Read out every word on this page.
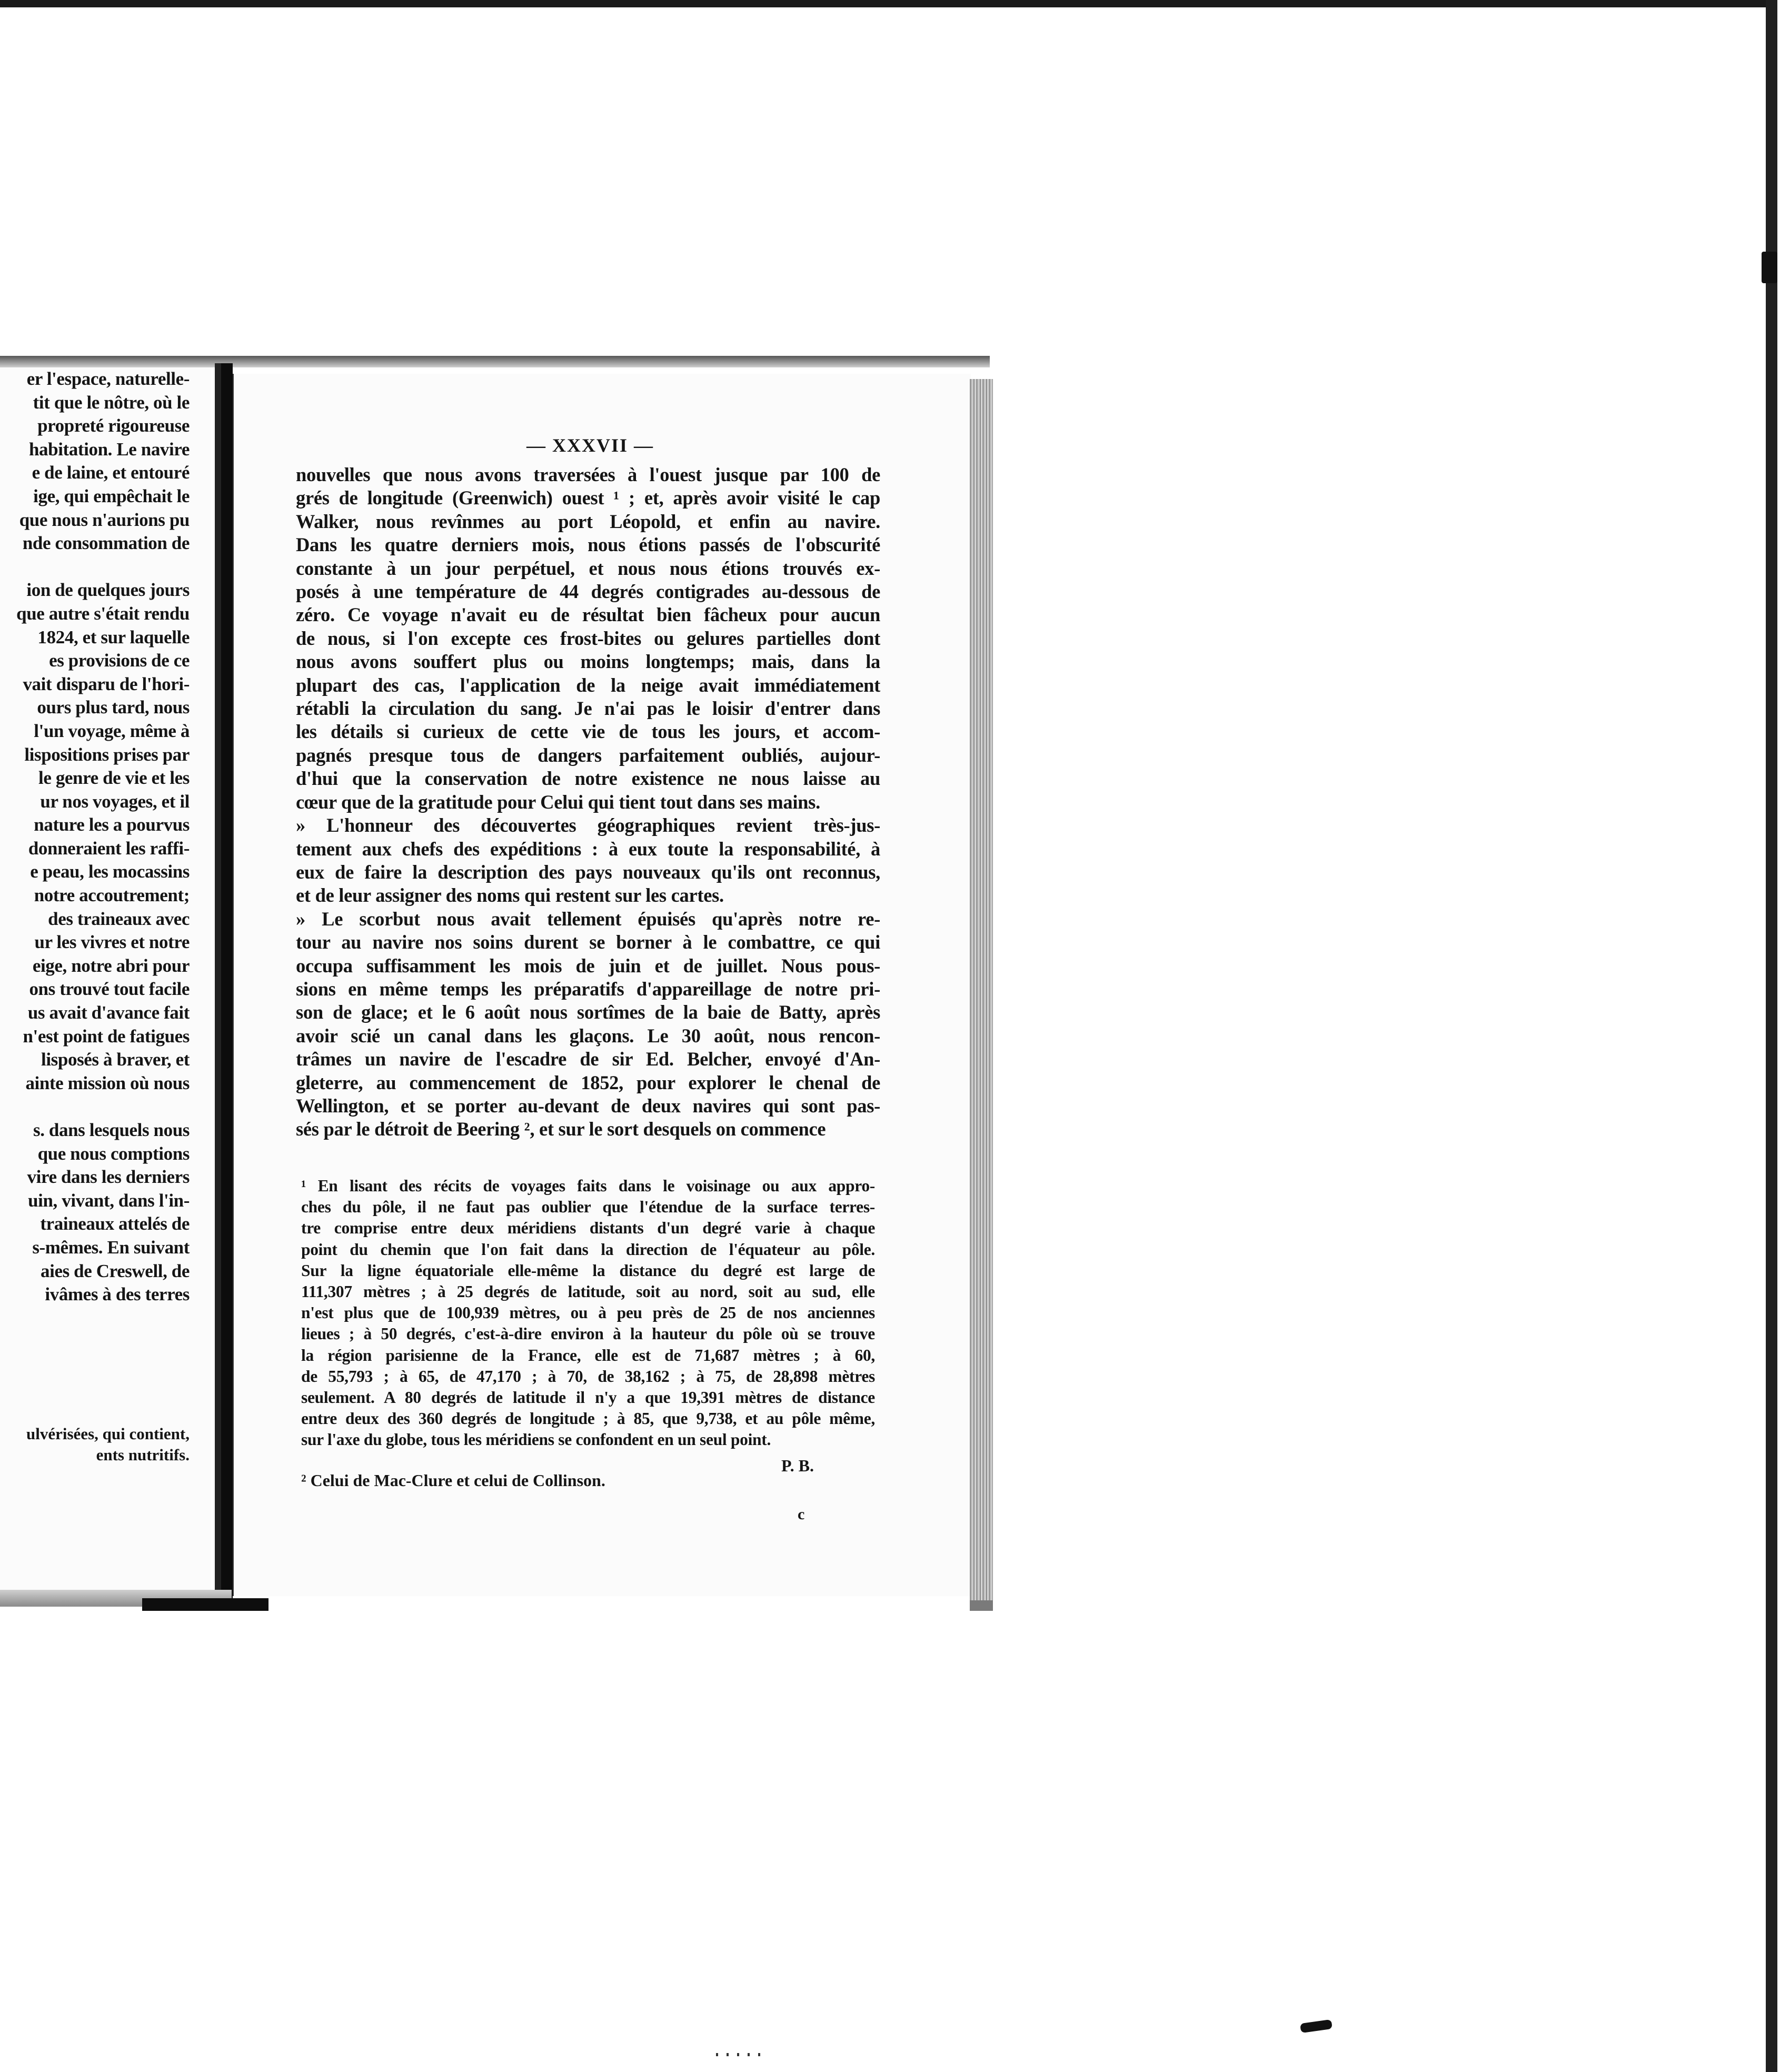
er l'espace, naturelle-
tit que le nôtre, où le
propreté rigoureuse
habitation. Le navire
e de laine, et entouré
ige, qui empêchait le
que nous n'aurions pu
nde consommation de
ion de quelques jours
que autre s'était rendu
1824, et sur laquelle
es provisions de ce
vait disparu de l'hori-
ours plus tard, nous
l'un voyage, même à
lispositions prises par
le genre de vie et les
ur nos voyages, et il
nature les a pourvus
donneraient les raffi-
e peau, les mocassins
notre accoutrement;
des traineaux avec
ur les vivres et notre
eige, notre abri pour
ons trouvé tout facile
us avait d'avance fait
n'est point de fatigues
lisposés à braver, et
ainte mission où nous
s. dans lesquels nous
que nous comptions
vire dans les derniers
uin, vivant, dans l'in-
traineaux attelés de
s-mêmes. En suivant
aies de Creswell, de
ivâmes à des terres
ulvérisées, qui contient,
ents nutritifs.
— XXXVII —
nouvelles que nous avons traversées à l'ouest jusque par 100 de
grés de longitude (Greenwich) ouest ¹ ; et, après avoir visité le cap
Walker, nous revînmes au port Léopold, et enfin au navire.
Dans les quatre derniers mois, nous étions passés de l'obscurité
constante à un jour perpétuel, et nous nous étions trouvés ex-
posés à une température de 44 degrés contigrades au-dessous de
zéro. Ce voyage n'avait eu de résultat bien fâcheux pour aucun
de nous, si l'on excepte ces frost-bites ou gelures partielles dont
nous avons souffert plus ou moins longtemps; mais, dans la
plupart des cas, l'application de la neige avait immédiatement
rétabli la circulation du sang. Je n'ai pas le loisir d'entrer dans
les détails si curieux de cette vie de tous les jours, et accom-
pagnés presque tous de dangers parfaitement oubliés, aujour-
d'hui que la conservation de notre existence ne nous laisse au
cœur que de la gratitude pour Celui qui tient tout dans ses mains.
» L'honneur des découvertes géographiques revient très-jus-
tement aux chefs des expéditions : à eux toute la responsabilité, à
eux de faire la description des pays nouveaux qu'ils ont reconnus,
et de leur assigner des noms qui restent sur les cartes.
» Le scorbut nous avait tellement épuisés qu'après notre re-
tour au navire nos soins durent se borner à le combattre, ce qui
occupa suffisamment les mois de juin et de juillet. Nous pous-
sions en même temps les préparatifs d'appareillage de notre pri-
son de glace; et le 6 août nous sortîmes de la baie de Batty, après
avoir scié un canal dans les glaçons. Le 30 août, nous rencon-
trâmes un navire de l'escadre de sir Ed. Belcher, envoyé d'An-
gleterre, au commencement de 1852, pour explorer le chenal de
Wellington, et se porter au-devant de deux navires qui sont pas-
sés par le détroit de Beering ², et sur le sort desquels on commence
¹ En lisant des récits de voyages faits dans le voisinage ou aux appro-
ches du pôle, il ne faut pas oublier que l'étendue de la surface terres-
tre comprise entre deux méridiens distants d'un degré varie à chaque
point du chemin que l'on fait dans la direction de l'équateur au pôle.
Sur la ligne équatoriale elle-même la distance du degré est large de
111,307 mètres ; à 25 degrés de latitude, soit au nord, soit au sud, elle
n'est plus que de 100,939 mètres, ou à peu près de 25 de nos anciennes
lieues ; à 50 degrés, c'est-à-dire environ à la hauteur du pôle où se trouve
la région parisienne de la France, elle est de 71,687 mètres ; à 60,
de 55,793 ; à 65, de 47,170 ; à 70, de 38,162 ; à 75, de 28,898 mètres
seulement. A 80 degrés de latitude il n'y a que 19,391 mètres de distance
entre deux des 360 degrés de longitude ; à 85, que 9,738, et au pôle même,
sur l'axe du globe, tous les méridiens se confondent en un seul point.
P. B.
² Celui de Mac-Clure et celui de Collinson.
c
